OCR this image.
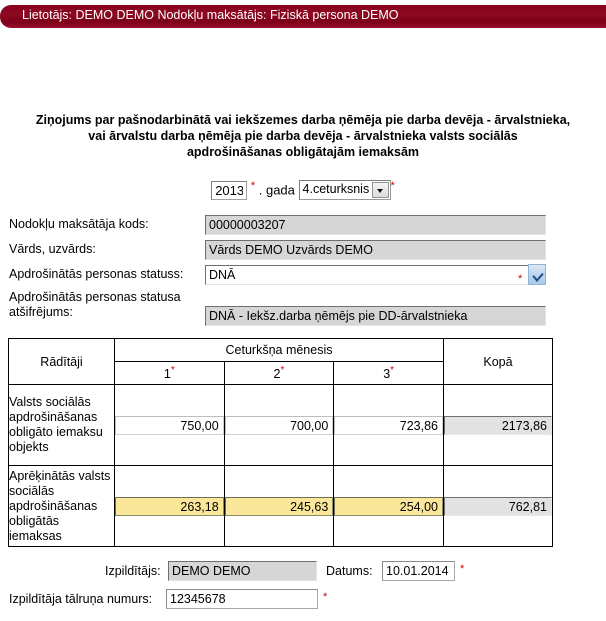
Lietotājs: DEMO DEMO Nodokļu maksātājs: Fiziskā persona DEMO
Ziņojums par pašnodarbinātā vai iekšzemes darba ņēmēja pie darba devēja - ārvalstnieka,
vai ārvalstu darba ņēmēja pie darba devēja - ārvalstnieka valsts sociālās
apdrošināšanas obligātajām iemaksām
2013 * . gada 4.ceturksnis *
Nodokļu maksātāja kods:	00000003207
Vārds, uzvārds:	Vārds DEMO Uzvārds DEMO
Apdrošinātās personas statuss:	DNĀ	*
Apdrošinātās personas statusa
atšifrējums:	DNĀ - Iekšz.darba ņēmējs pie DD-ārvalstnieka
Rādītāji	Ceturkšņa mēnesis			Kopā
	1*	2*	3*
Valsts sociālās apdrošināšanas obligāto iemaksu objekts	750,00	700,00	723,86	2173,86

Aprēķinātās valsts sociālās apdrošināšanas obligātās iemaksas	263,18	245,63	254,00	762,81
Izpildītājs: DEMO DEMO	Datums:	10.01.2014	*
Izpildītāja tālruņa numurs:	12345678	*
